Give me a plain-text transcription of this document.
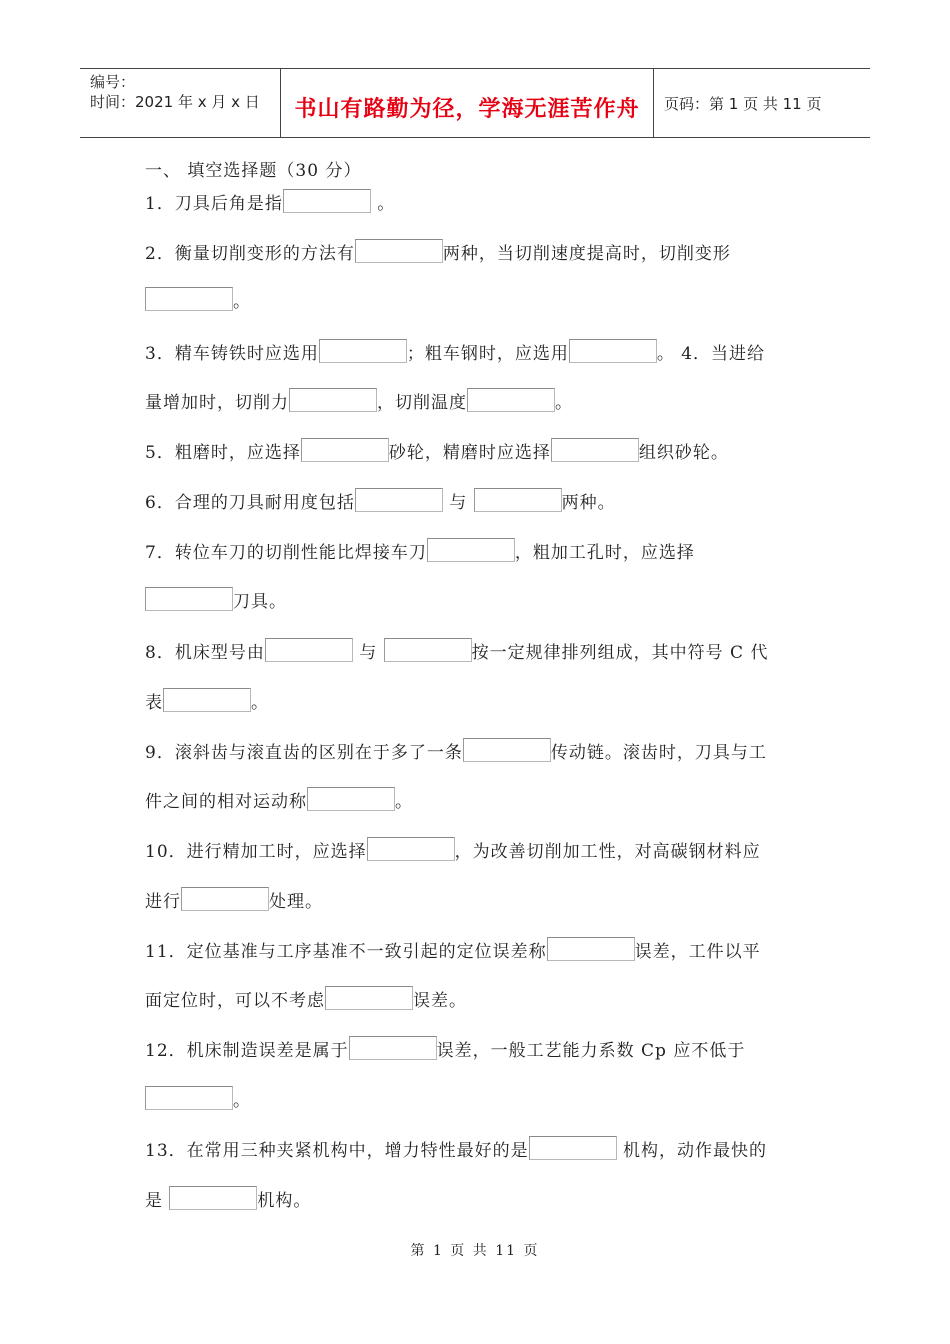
编号：
时间：2021 年 x 月 x 日	书山有路勤为径，学海无涯苦作舟 页码：第 1 页 共 11 页
一、 填空选择题（30 分）
1．刀具后角是指	。
2．衡量切削变形的方法有	两种，当切削速度提高时，切削变形
。
3．精车铸铁时应选用	；粗车钢时，应选用	。 4．当进给
量增加时，切削力	，切削温度	。
5．粗磨时，应选择	砂轮，精磨时应选择	组织砂轮。
6．合理的刀具耐用度包括	与	两种。
7．转位车刀的切削性能比焊接车刀	，粗加工孔时，应选择
刀具。
8．机床型号由	与	按一定规律排列组成，其中符号 C 代
表	。
9．滚斜齿与滚直齿的区别在于多了一条	传动链。滚齿时，刀具与工
件之间的相对运动称	。
10．进行精加工时，应选择	，为改善切削加工性，对高碳钢材料应
进行	处理。
11．定位基准与工序基准不一致引起的定位误差称	误差，工件以平
面定位时，可以不考虑	误差。
12．机床制造误差是属于	误差，一般工艺能力系数 Cp 应不低于
。
13．在常用三种夹紧机构中，增力特性最好的是	机构，动作最快的
是	机构。
第 1 页 共 11 页
